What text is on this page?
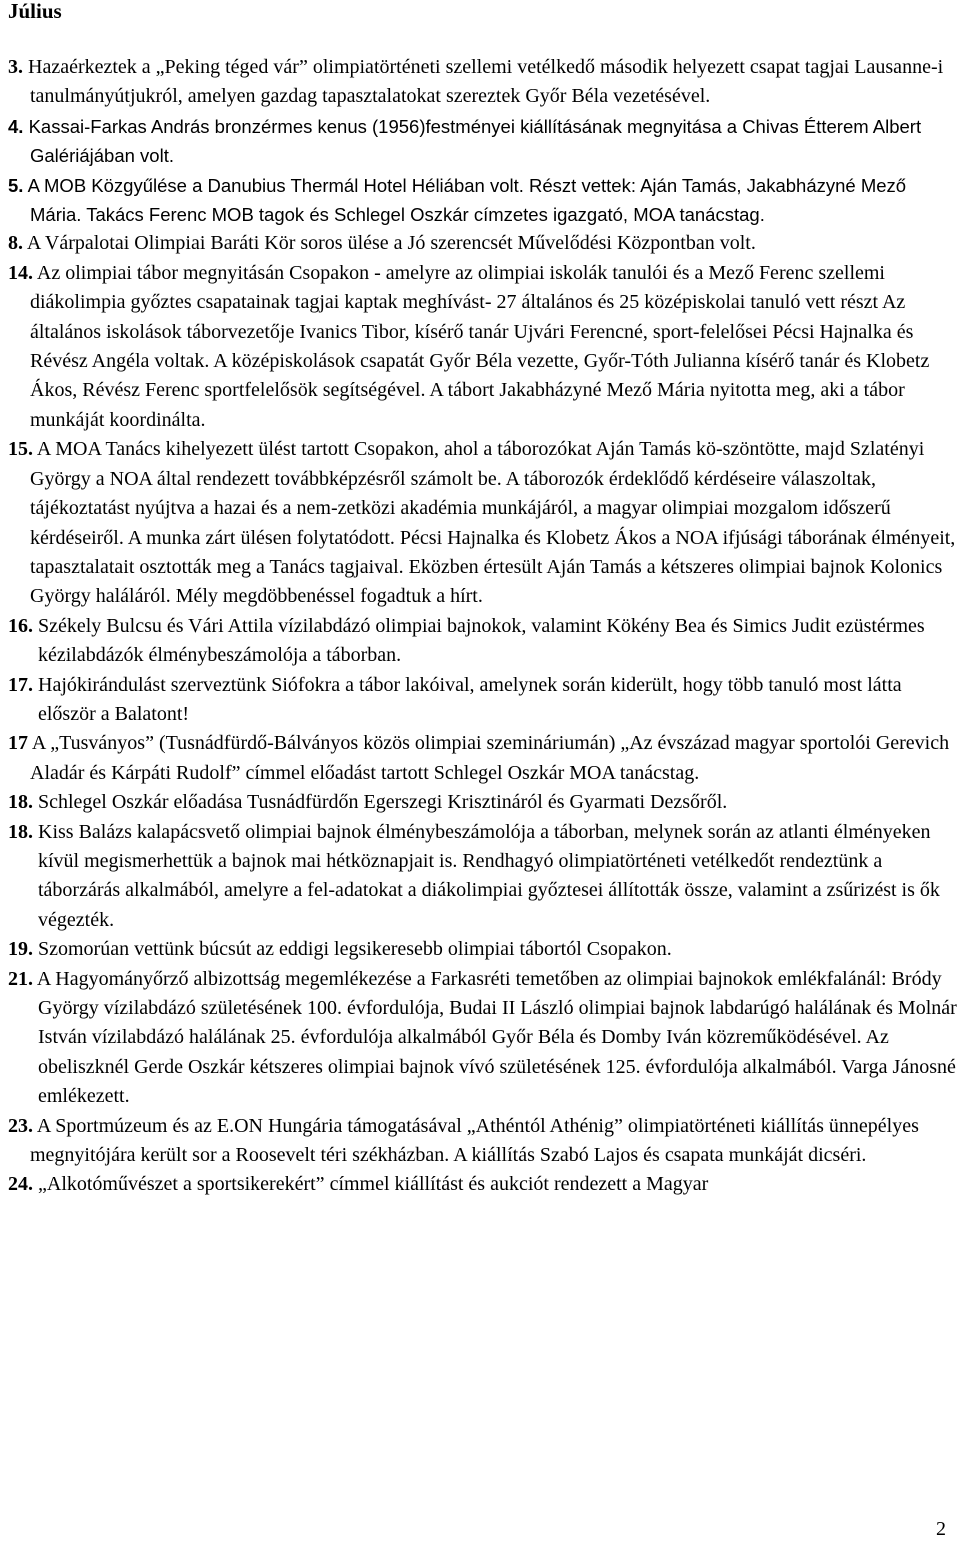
Július

3. Hazaérkeztek a „Peking téged vár” olimpiatörténeti szellemi vetélkedő második helyezett csapat tagjai Lausanne-i tanulmányútjukról, amelyen gazdag tapasztalatokat szereztek Győr Béla vezetésével.

4. Kassai-Farkas András bronzérmes kenus (1956)festményei kiállításának megnyitása a Chivas Étterem Albert Galériájában volt.

5. A MOB Közgyűlése a Danubius Thermál Hotel Héliában volt. Részt vettek: Aján Tamás, Jakabházyné Mező Mária. Takács Ferenc MOB tagok és Schlegel Oszkár címzetes igazgató, MOA tanácstag.

8. A Várpalotai Olimpiai Baráti Kör soros ülése a Jó szerencsét Művelődési Központban volt.

14. Az olimpiai tábor megnyitásán Csopakon - amelyre az olimpiai iskolák tanulói és a Mező Ferenc szellemi diákolimpia győztes csapatainak tagjai kaptak meghívást- 27 általános és 25 középiskolai tanuló vett részt Az általános iskolások táborvezetője Ivanics Tibor, kísérő tanár Ujvári Ferencné, sport-felelősei Pécsi Hajnalka és Révész Angéla voltak. A középiskolások csapatát Győr Béla vezette, Győr-Tóth Julianna kísérő tanár és Klobetz Ákos, Révész Ferenc sportfelelősök segítségével. A tábort Jakabházyné Mező Mária nyitotta meg, aki a tábor munkáját koordinálta.

15. A MOA Tanács kihelyezett ülést tartott Csopakon, ahol a táborozókat Aján Tamás kö-szöntötte, majd Szlatényi György a NOA által rendezett továbbképzésről számolt be. A táborozók érdeklődő kérdéseire válaszoltak, tájékoztatást nyújtva a hazai és a nem-zetközi akadémia munkájáról, a magyar olimpiai mozgalom időszerű kérdéseiről. A munka zárt ülésen folytatódott. Pécsi Hajnalka és Klobetz Ákos a NOA ifjúsági táborának élményeit, tapasztalatait osztották meg a Tanács tagjaival. Eközben értesült Aján Tamás a kétszeres olimpiai bajnok Kolonics György haláláról. Mély megdöbbenéssel fogadtuk a hírt.

16. Székely Bulcsu és Vári Attila vízilabdázó olimpiai bajnokok, valamint Kökény Bea és Simics Judit ezüstérmes kézilabdázók élménybeszámolója a táborban.

17. Hajókirándulást szerveztünk Siófokra a tábor lakóival, amelynek során kiderült, hogy több tanuló most látta először a Balatont!

17 A „Tusványos” (Tusnádfürdő-Bálványos közös olimpiai szemináriumán) „Az évszázad magyar sportolói Gerevich Aladár és Kárpáti Rudolf” címmel előadást tartott Schlegel Oszkár MOA tanácstag.

18. Schlegel Oszkár előadása Tusnádfürdőn Egerszegi Krisztináról és Gyarmati Dezsőről.

18. Kiss Balázs kalapácsvető olimpiai bajnok élménybeszámolója a táborban, melynek során az atlanti élményeken kívül megismerhettük a bajnok mai hétköznapjait is. Rendhagyó olimpiatörténeti vetélkedőt rendeztünk a táborzárás alkalmából, amelyre a fel-adatokat a diákolimpiai győztesei állították össze, valamint a zsűrizést is ők végezték.

19. Szomorúan vettünk búcsút az eddigi legsikeresebb olimpiai tábortól Csopakon.

21. A Hagyományőrző albizottság megemlékezése a Farkasréti temetőben az olimpiai bajnokok emlékfalánál: Bródy György vízilabdázó születésének 100. évfordulója, Budai II László olimpiai bajnok labdarúgó halálának és Molnár István vízilabdázó halálának 25. évfordulója alkalmából Győr Béla és Domby Iván közreműködésével. Az obeliszknél Gerde Oszkár kétszeres olimpiai bajnok vívó születésének 125. évfordulója alkalmából. Varga Jánosné emlékezett.

23. A Sportmúzeum és az E.ON Hungária támogatásával „Athéntól Athénig” olimpiatörténeti kiállítás ünnepélyes megnyitójára került sor a Roosevelt téri székházban. A kiállítás Szabó Lajos és csapata munkáját dicséri.

24. „Alkotóművészet a sportsikerekért” címmel kiállítást és aukciót rendezett a Magyar

2
